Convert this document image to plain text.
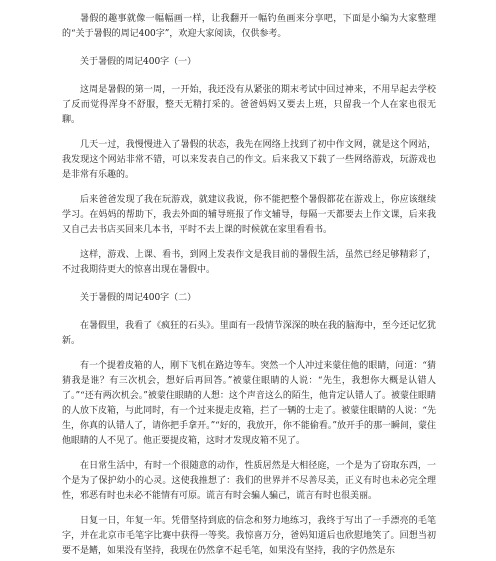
暑假的趣事就像一幅幅画一样，让我翻开一幅钓鱼画来分享吧，下面是小编为大家整理的“关于暑假的周记400字”，欢迎大家阅读，仅供参考。

关于暑假的周记400字（一）

这周是暑假的第一周，一开始，我还没有从紧张的期末考试中回过神来，不用早起去学校了反而觉得浑身不舒服，整天无精打采的。爸爸妈妈又要去上班，只留我一个人在家也很无聊。

几天一过，我慢慢进入了暑假的状态，我先在网络上找到了初中作文网，就是这个网站，我发现这个网站非常不错，可以来发表自己的作文。后来我又下载了一些网络游戏，玩游戏也是非常有乐趣的。

后来爸爸发现了我在玩游戏，就建议我说，你不能把整个暑假都花在游戏上，你应该继续学习。在妈妈的帮助下，我去外面的辅导班报了作文辅导，每隔一天都要去上作文课，后来我又自己去书店买回来几本书，平时不去上课的时候就在家里看看书。

这样，游戏、上课、看书，到网上发表作文是我目前的暑假生活，虽然已经足够精彩了，不过我期待更大的惊喜出现在暑假中。

关于暑假的周记400字（二）

在暑假里，我看了《疯狂的石头》。里面有一段情节深深的映在我的脑海中，至今还记忆犹新。

有一个提着皮箱的人，刚下飞机在路边等车。突然一个人冲过来蒙住他的眼睛，问道：“猜猜我是谁？有三次机会，想好后再回答。”被蒙住眼睛的人说：“先生，我想你大概是认错人了。”“还有两次机会。”被蒙住眼睛的人想：这个声音这么的陌生，他肯定认错人了。被蒙住眼睛的人放下皮箱，与此同时，有一个过来提走皮箱，拦了一辆的士走了。被蒙住眼睛的人说：“先生，你真的认错人了，请你把手拿开。”“好的，我放开，你不能偷看。”放开手的那一瞬间，蒙住他眼睛的人不见了。他正要提皮箱，这时才发现皮箱不见了。

在日常生活中，有时一个很随意的动作，性质居然是大相径庭，一个是为了窃取东西，一个是为了保护幼小的心灵。这使我推想了：我们的世界并不尽善尽美，正义有时也未必完全理性，邪恶有时也未必不能情有可原。谎言有时会骗人骗己，谎言有时也很美丽。

日复一日，年复一年。凭借坚持到底的信念和努力地练习，我终于写出了一手漂亮的毛笔字，并在北京市毛笔字比赛中获得一等奖。我惊喜万分，爸妈知道后也欣慰地笑了。回想当初要不是鳍，如果没有坚持，我现在仍然拿不起毛笔，如果没有坚持，我的字仍然是东
